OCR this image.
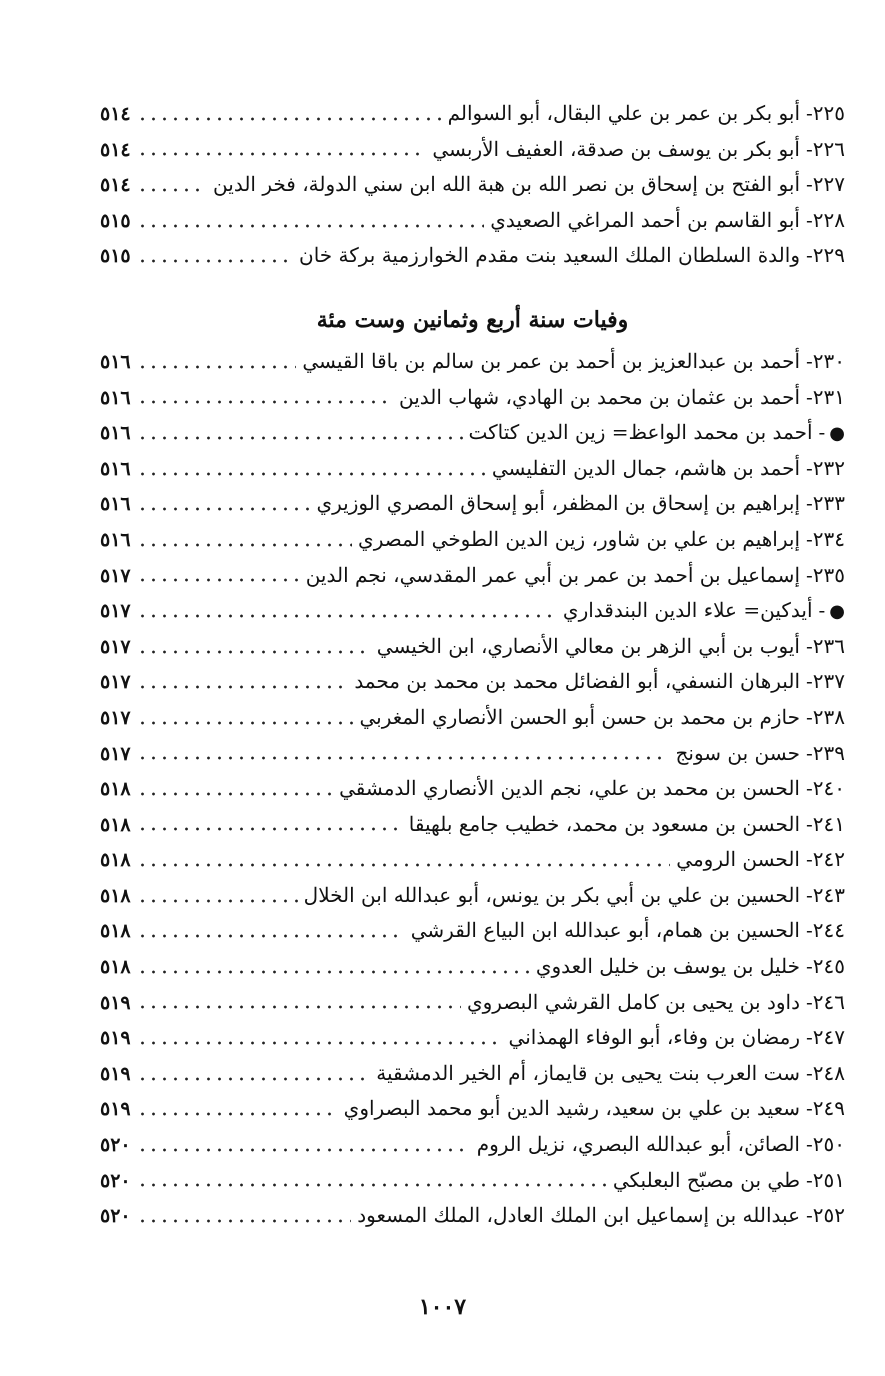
٢٢٥-
أبو بكر بن عمر بن علي البقال، أبو السوالم
٥١٤
٢٢٦-
أبو بكر بن يوسف بن صدقة، العفيف الأربسي
٥١٤
٢٢٧-
أبو الفتح بن إسحاق بن نصر الله بن هبة الله ابن سني الدولة، فخر الدين
٥١٤
٢٢٨-
أبو القاسم بن أحمد المراغي الصعيدي
٥١٥
٢٢٩-
والدة السلطان الملك السعيد بنت مقدم الخوارزمية بركة خان
٥١٥
وفيات سنة أربع وثمانين وست مئة
٢٣٠-
أحمد بن عبدالعزيز بن أحمد بن عمر بن سالم بن باقا القيسي
٥١٦
٢٣١-
أحمد بن عثمان بن محمد بن الهادي، شهاب الدين
٥١٦
●
-
أحمد بن محمد الواعظ= زين الدين كتاكت
٥١٦
٢٣٢-
أحمد بن هاشم، جمال الدين التفليسي
٥١٦
٢٣٣-
إبراهيم بن إسحاق بن المظفر، أبو إسحاق المصري الوزيري
٥١٦
٢٣٤-
إبراهيم بن علي بن شاور، زين الدين الطوخي المصري
٥١٦
٢٣٥-
إسماعيل بن أحمد بن عمر بن أبي عمر المقدسي، نجم الدين
٥١٧
●
-
أيدكين= علاء الدين البندقداري
٥١٧
٢٣٦-
أيوب بن أبي الزهر بن معالي الأنصاري، ابن الخيسي
٥١٧
٢٣٧-
البرهان النسفي، أبو الفضائل محمد بن محمد بن محمد
٥١٧
٢٣٨-
حازم بن محمد بن حسن أبو الحسن الأنصاري المغربي
٥١٧
٢٣٩-
حسن بن سونج
٥١٧
٢٤٠-
الحسن بن محمد بن علي، نجم الدين الأنصاري الدمشقي
٥١٨
٢٤١-
الحسن بن مسعود بن محمد، خطيب جامع بلهيقا
٥١٨
٢٤٢-
الحسن الرومي
٥١٨
٢٤٣-
الحسين بن علي بن أبي بكر بن يونس، أبو عبدالله ابن الخلال
٥١٨
٢٤٤-
الحسين بن همام، أبو عبدالله ابن البياع القرشي
٥١٨
٢٤٥-
خليل بن يوسف بن خليل العدوي
٥١٨
٢٤٦-
داود بن يحيى بن كامل القرشي البصروي
٥١٩
٢٤٧-
رمضان بن وفاء، أبو الوفاء الهمذاني
٥١٩
٢٤٨-
ست العرب بنت يحيى بن قايماز، أم الخير الدمشقية
٥١٩
٢٤٩-
سعيد بن علي بن سعيد، رشيد الدين أبو محمد البصراوي
٥١٩
٢٥٠-
الصائن، أبو عبدالله البصري، نزيل الروم
٥٢٠
٢٥١-
طي بن مصبّح البعلبكي
٥٢٠
٢٥٢-
عبدالله بن إسماعيل ابن الملك العادل، الملك المسعود
٥٢٠
١٠٠٧
